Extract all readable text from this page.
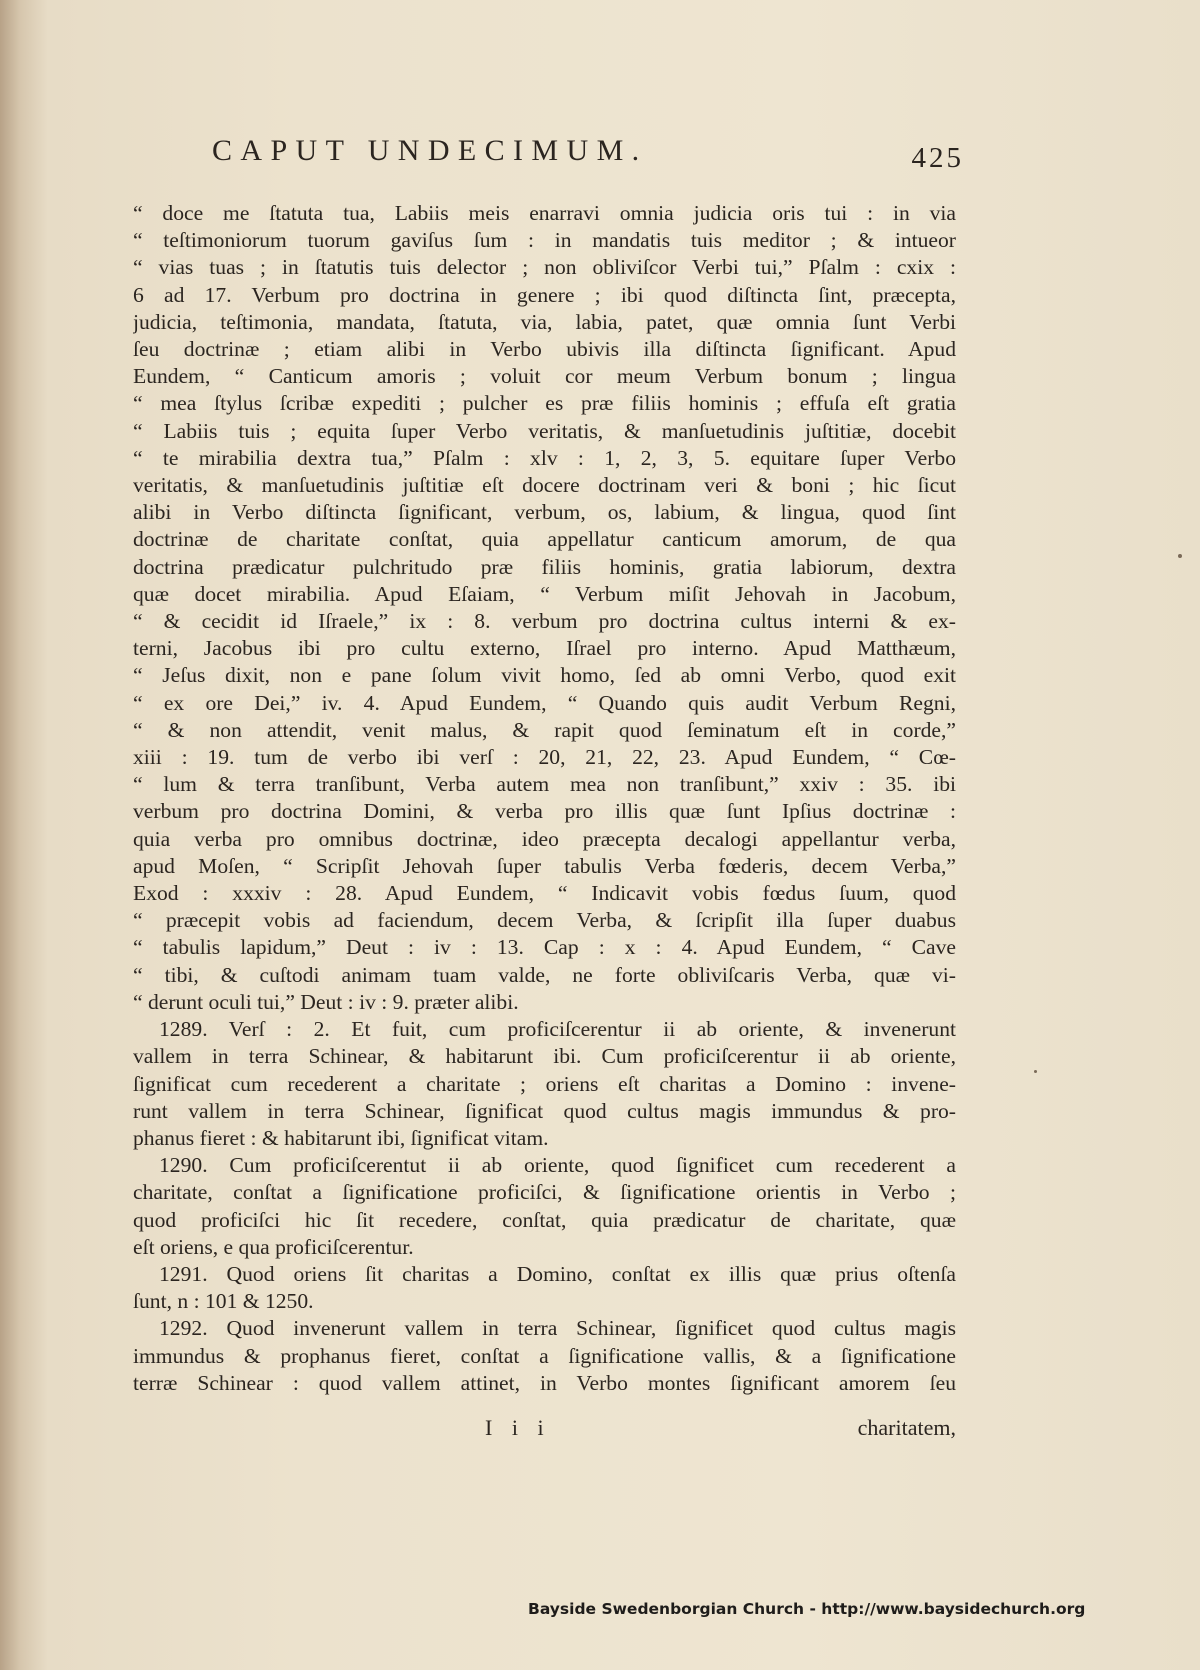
CAPUT UNDECIMUM.	425
“ doce me ſtatuta tua, Labiis meis enarravi omnia judicia oris tui : in via
“ teſtimoniorum tuorum gaviſus ſum : in mandatis tuis meditor ; & intueor
“ vias tuas ; in ſtatutis tuis delector ; non obliviſcor Verbi tui,” Pſalm : cxix :
6 ad 17. Verbum pro doctrina in genere ; ibi quod diſtincta ſint, præcepta,
judicia, teſtimonia, mandata, ſtatuta, via, labia, patet, quæ omnia ſunt Verbi
ſeu doctrinæ ; etiam alibi in Verbo ubivis illa diſtincta ſignificant. Apud
Eundem, “ Canticum amoris ; voluit cor meum Verbum bonum ; lingua
“ mea ſtylus ſcribæ expediti ; pulcher es præ filiis hominis ; effuſa eſt gratia
“ Labiis tuis ; equita ſuper Verbo veritatis, & manſuetudinis juſtitiæ, docebit
“ te mirabilia dextra tua,” Pſalm : xlv : 1, 2, 3, 5. equitare ſuper Verbo
veritatis, & manſuetudinis juſtitiæ eſt docere doctrinam veri & boni ; hic ſicut
alibi in Verbo diſtincta ſignificant, verbum, os, labium, & lingua, quod ſint
doctrinæ de charitate conſtat, quia appellatur canticum amorum, de qua
doctrina prædicatur pulchritudo præ filiis hominis, gratia labiorum, dextra
quæ docet mirabilia. Apud Eſaiam, “ Verbum miſit Jehovah in Jacobum,
“ & cecidit id Iſraele,” ix : 8. verbum pro doctrina cultus interni & ex-
terni, Jacobus ibi pro cultu externo, Iſrael pro interno. Apud Matthæum,
“ Jeſus dixit, non e pane ſolum vivit homo, ſed ab omni Verbo, quod exit
“ ex ore Dei,” iv. 4. Apud Eundem, “ Quando quis audit Verbum Regni,
“ & non attendit, venit malus, & rapit quod ſeminatum eſt in corde,”
xiii : 19. tum de verbo ibi verſ : 20, 21, 22, 23. Apud Eundem, “ Cœ-
“ lum & terra tranſibunt, Verba autem mea non tranſibunt,” xxiv : 35. ibi
verbum pro doctrina Domini, & verba pro illis quæ ſunt Ipſius doctrinæ :
quia verba pro omnibus doctrinæ, ideo præcepta decalogi appellantur verba,
apud Moſen, “ Scripſit Jehovah ſuper tabulis Verba fœderis, decem Verba,”
Exod : xxxiv : 28. Apud Eundem, “ Indicavit vobis fœdus ſuum, quod
“ præcepit vobis ad faciendum, decem Verba, & ſcripſit illa ſuper duabus
“ tabulis lapidum,” Deut : iv : 13. Cap : x : 4. Apud Eundem, “ Cave
“ tibi, & cuſtodi animam tuam valde, ne forte obliviſcaris Verba, quæ vi-
“ derunt oculi tui,” Deut : iv : 9. præter alibi.
1289. Verſ : 2. Et fuit, cum proficiſcerentur ii ab oriente, & invenerunt
vallem in terra Schinear, & habitarunt ibi. Cum proficiſcerentur ii ab oriente,
ſignificat cum recederent a charitate ; oriens eſt charitas a Domino : invene-
runt vallem in terra Schinear, ſignificat quod cultus magis immundus & pro-
phanus fieret : & habitarunt ibi, ſignificat vitam.
1290. Cum proficiſcerentut ii ab oriente, quod ſignificet cum recederent a
charitate, conſtat a ſignificatione proficiſci, & ſignificatione orientis in Verbo ;
quod proficiſci hic ſit recedere, conſtat, quia prædicatur de charitate, quæ
eſt oriens, e qua proficiſcerentur.
1291. Quod oriens ſit charitas a Domino, conſtat ex illis quæ prius oſtenſa
ſunt, n : 101 & 1250.
1292. Quod invenerunt vallem in terra Schinear, ſignificet quod cultus magis
immundus & prophanus fieret, conſtat a ſignificatione vallis, & a ſignificatione
terræ Schinear : quod vallem attinet, in Verbo montes ſignificant amorem ſeu
I i i	charitatem,
Bayside Swedenborgian Church - http://www.baysidechurch.org
